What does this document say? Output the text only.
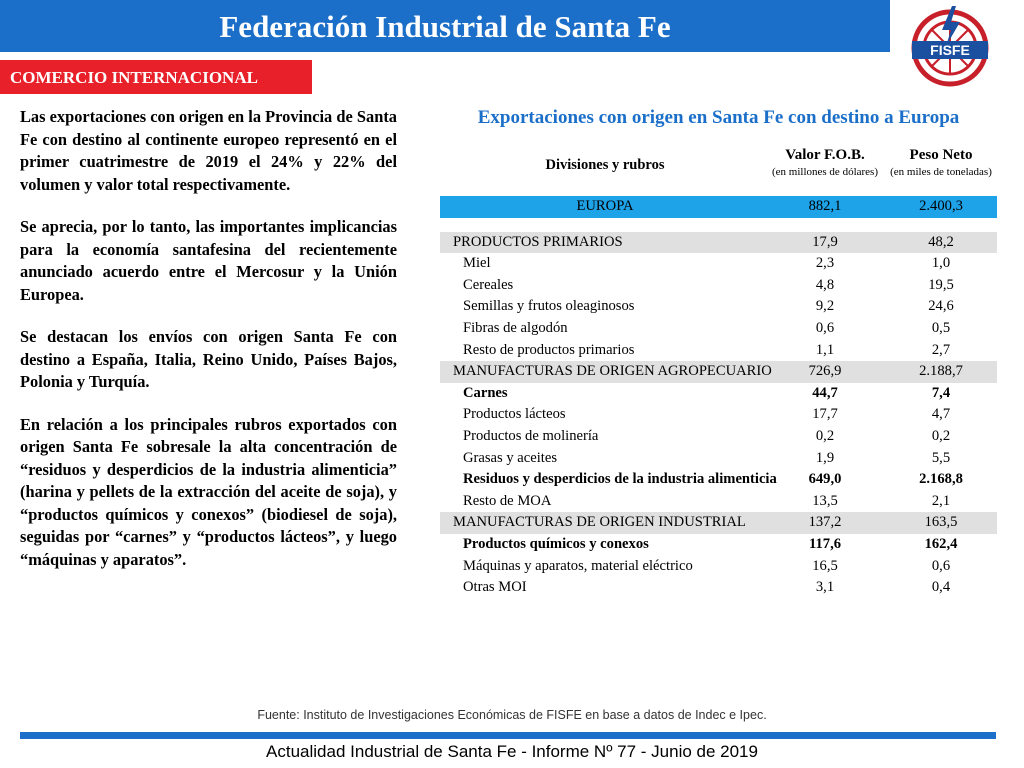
Federación Industrial de Santa Fe
FISFE
COMERCIO INTERNACIONAL

Las exportaciones con origen en la Provincia de Santa Fe con destino al continente europeo representó en el primer cuatrimestre de 2019 el 24% y 22% del volumen y valor total respectivamente.

Se aprecia, por lo tanto, las importantes implicancias para la economía santafesina del recientemente anunciado acuerdo entre el Mercosur y la Unión Europea.

Se destacan los envíos con origen Santa Fe con destino a España, Italia, Reino Unido, Países Bajos, Polonia y Turquía.

En relación a los principales rubros exportados con origen Santa Fe sobresale la alta concentración de “residuos y desperdicios de la industria alimenticia” (harina y pellets de la extracción del aceite de soja), y “productos químicos y conexos” (biodiesel de soja), seguidas por “carnes” y “productos lácteos”, y luego “máquinas y aparatos”.

Exportaciones con origen en Santa Fe con destino a Europa
Divisiones y rubros
Valor F.O.B.
(en millones de dólares)
Peso Neto
(en miles de toneladas)
EUROPA	882,1	2.400,3
PRODUCTOS PRIMARIOS	17,9	48,2
Miel	2,3	1,0
Cereales	4,8	19,5
Semillas y frutos oleaginosos	9,2	24,6
Fibras de algodón	0,6	0,5
Resto de productos primarios	1,1	2,7
MANUFACTURAS DE ORIGEN AGROPECUARIO	726,9	2.188,7
Carnes	44,7	7,4
Productos lácteos	17,7	4,7
Productos de molinería	0,2	0,2
Grasas y aceites	1,9	5,5
Residuos y desperdicios de la industria alimenticia	649,0	2.168,8
Resto de MOA	13,5	2,1
MANUFACTURAS DE ORIGEN INDUSTRIAL	137,2	163,5
Productos químicos y conexos	117,6	162,4
Máquinas y aparatos, material eléctrico	16,5	0,6
Otras MOI	3,1	0,4
Fuente: Instituto de Investigaciones Económicas de FISFE en base a datos de Indec e Ipec.
Actualidad Industrial de Santa Fe - Informe Nº 77 - Junio de 2019
